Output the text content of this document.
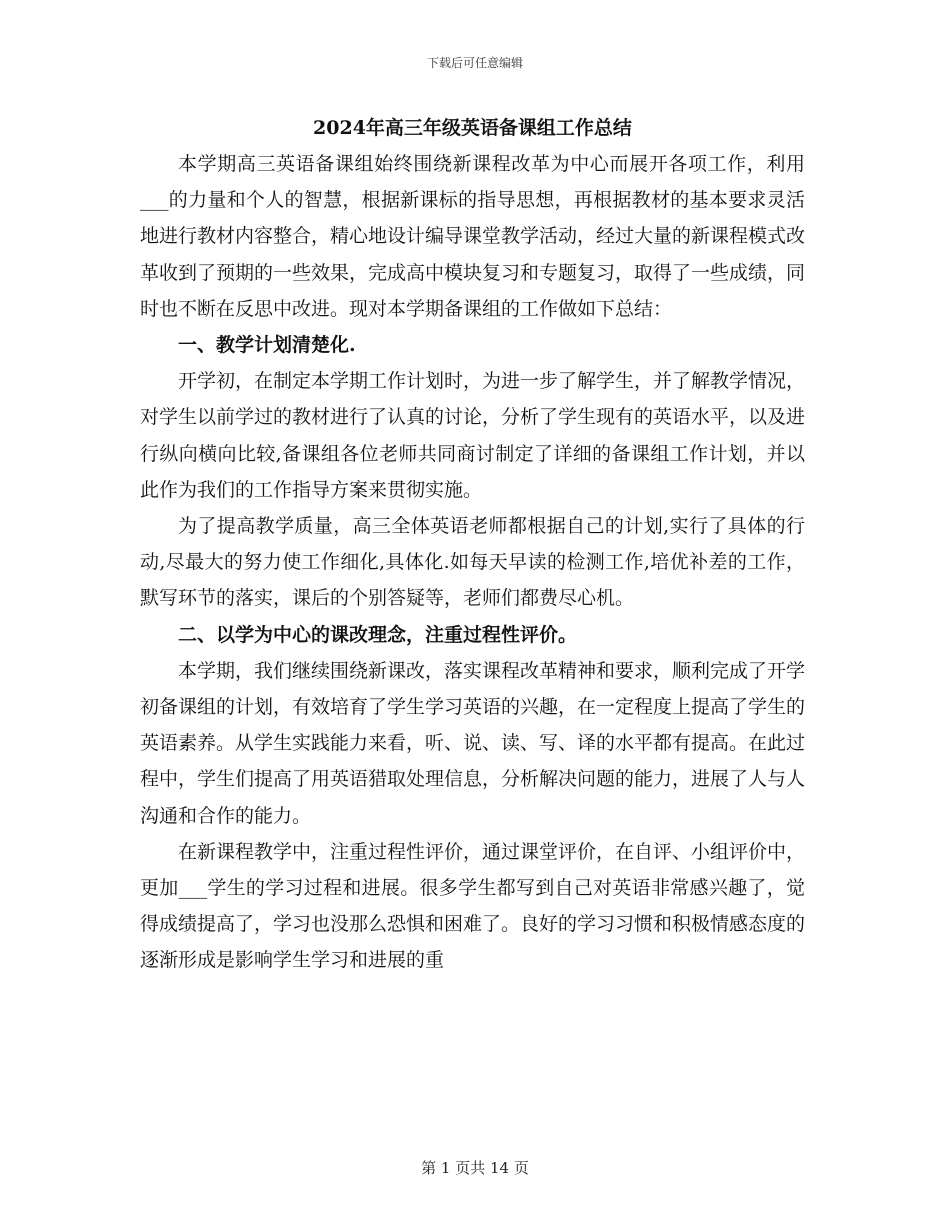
下载后可任意编辑
2024年高三年级英语备课组工作总结

本学期高三英语备课组始终围绕新课程改革为中心而展开各项工作，利用___的力量和个人的智慧，根据新课标的指导思想，再根据教材的基本要求灵活地进行教材内容整合，精心地设计编导课堂教学活动，经过大量的新课程模式改革收到了预期的一些效果，完成高中模块复习和专题复习，取得了一些成绩，同时也不断在反思中改进。现对本学期备课组的工作做如下总结：

一、教学计划清楚化.

开学初，在制定本学期工作计划时，为进一步了解学生，并了解教学情况，对学生以前学过的教材进行了认真的讨论，分析了学生现有的英语水平，以及进行纵向横向比较,备课组各位老师共同商讨制定了详细的备课组工作计划，并以此作为我们的工作指导方案来贯彻实施。

为了提高教学质量，高三全体英语老师都根据自己的计划,实行了具体的行动,尽最大的努力使工作细化,具体化.如每天早读的检测工作,培优补差的工作，默写环节的落实，课后的个别答疑等，老师们都费尽心机。

二、以学为中心的课改理念，注重过程性评价。

本学期，我们继续围绕新课改，落实课程改革精神和要求，顺利完成了开学初备课组的计划，有效培育了学生学习英语的兴趣，在一定程度上提高了学生的英语素养。从学生实践能力来看，听、说、读、写、译的水平都有提高。在此过程中，学生们提高了用英语猎取处理信息，分析解决问题的能力，进展了人与人沟通和合作的能力。

在新课程教学中，注重过程性评价，通过课堂评价，在自评、小组评价中，更加___学生的学习过程和进展。很多学生都写到自己对英语非常感兴趣了，觉得成绩提高了，学习也没那么恐惧和困难了。良好的学习习惯和积极情感态度的逐渐形成是影响学生学习和进展的重

第 1 页共 14 页
